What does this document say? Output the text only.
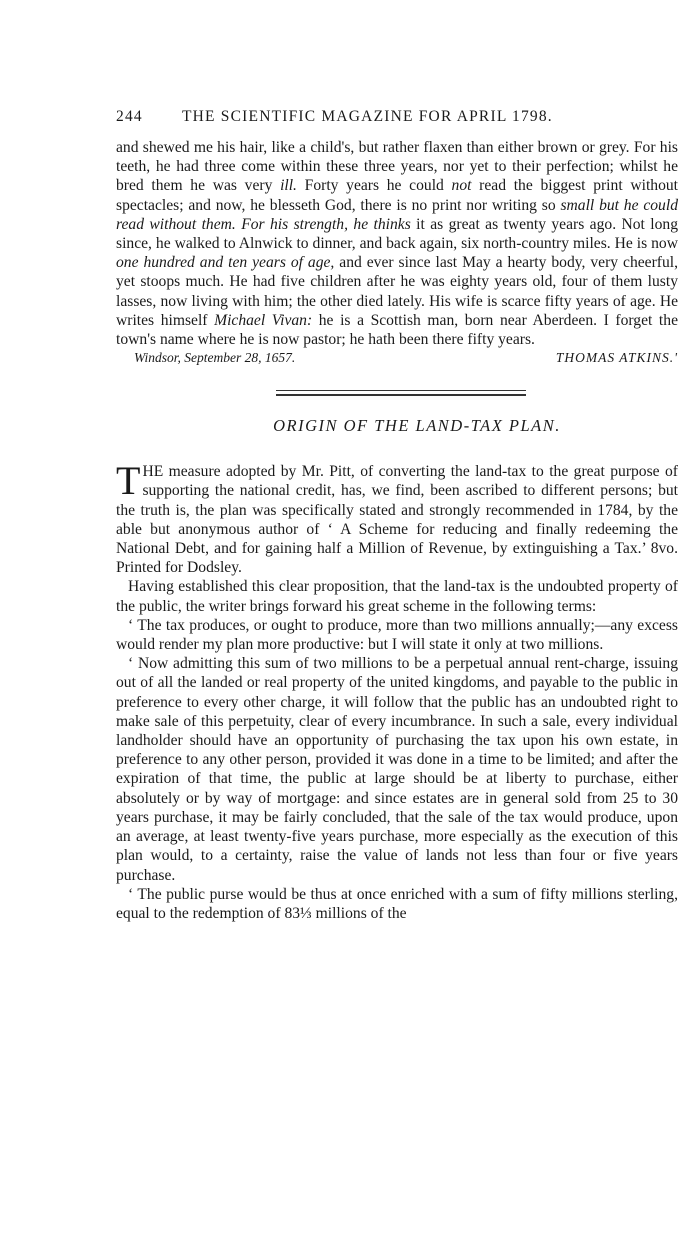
244	THE SCIENTIFIC MAGAZINE FOR APRIL 1798.

and shewed me his hair, like a child's, but rather flaxen than either brown or grey. For his teeth, he had three come within these three years, nor yet to their perfection; whilst he bred them he was very ill. Forty years he could not read the biggest print without spectacles; and now, he blesseth God, there is no print nor writing so small but he could read without them. For his strength, he thinks it as great as twenty years ago. Not long since, he walked to Alnwick to dinner, and back again, six north-country miles. He is now one hundred and ten years of age, and ever since last May a hearty body, very cheerful, yet stoops much. He had five children after he was eighty years old, four of them lusty lasses, now living with him; the other died lately. His wife is scarce fifty years of age. He writes himself Michael Vivan: he is a Scottish man, born near Aberdeen. I forget the town's name where he is now pastor; he hath been there fifty years.

Windsor, September 28, 1657.	THOMAS ATKINS.'
ORIGIN OF THE LAND-TAX PLAN.

THE measure adopted by Mr. Pitt, of converting the land-tax to the great purpose of supporting the national credit, has, we find, been ascribed to different persons; but the truth is, the plan was specifically stated and strongly recommended in 1784, by the able but anonymous author of ‘ A Scheme for reducing and finally redeeming the National Debt, and for gaining half a Million of Revenue, by extinguishing a Tax.’ 8vo. Printed for Dodsley.

Having established this clear proposition, that the land-tax is the undoubted property of the public, the writer brings forward his great scheme in the following terms:

‘ The tax produces, or ought to produce, more than two millions annually;—any excess would render my plan more productive: but I will state it only at two millions.

‘ Now admitting this sum of two millions to be a perpetual annual rent-charge, issuing out of all the landed or real property of the united kingdoms, and payable to the public in preference to every other charge, it will follow that the public has an undoubted right to make sale of this perpetuity, clear of every incumbrance. In such a sale, every individual landholder should have an opportunity of purchasing the tax upon his own estate, in preference to any other person, provided it was done in a time to be limited; and after the expiration of that time, the public at large should be at liberty to purchase, either absolutely or by way of mortgage: and since estates are in general sold from 25 to 30 years purchase, it may be fairly concluded, that the sale of the tax would produce, upon an average, at least twenty-five years purchase, more especially as the execution of this plan would, to a certainty, raise the value of lands not less than four or five years purchase.

‘ The public purse would be thus at once enriched with a sum of fifty millions sterling, equal to the redemption of 83⅓ millions of the
